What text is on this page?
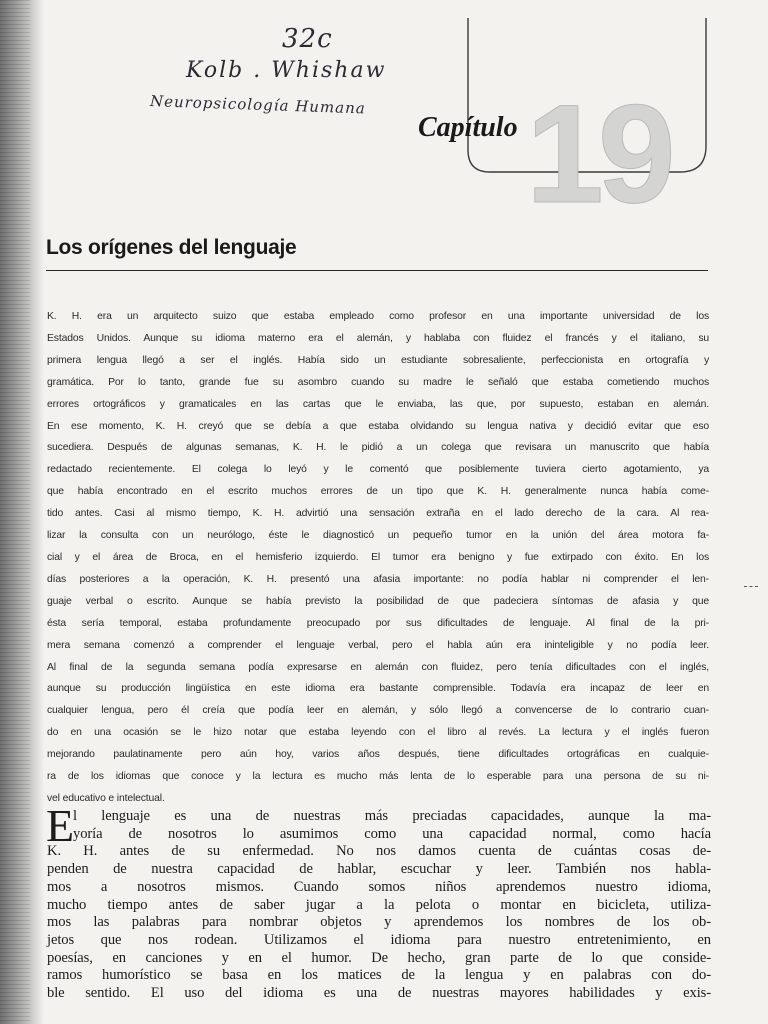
32c
Kolb . Whishaw
Neuropsicología Humana
Capítulo 19
Los orígenes del lenguaje
K. H. era un arquitecto suizo que estaba empleado como profesor en una importante universidad de los
Estados Unidos. Aunque su idioma materno era el alemán, y hablaba con fluidez el francés y el italiano, su
primera lengua llegó a ser el inglés. Había sido un estudiante sobresaliente, perfeccionista en ortografía y
gramática. Por lo tanto, grande fue su asombro cuando su madre le señaló que estaba cometiendo muchos
errores ortográficos y gramaticales en las cartas que le enviaba, las que, por supuesto, estaban en alemán.
En ese momento, K. H. creyó que se debía a que estaba olvidando su lengua nativa y decidió evitar que eso
sucediera. Después de algunas semanas, K. H. le pidió a un colega que revisara un manuscrito que había
redactado recientemente. El colega lo leyó y le comentó que posiblemente tuviera cierto agotamiento, ya
que había encontrado en el escrito muchos errores de un tipo que K. H. generalmente nunca había come-
tido antes. Casi al mismo tiempo, K. H. advirtió una sensación extraña en el lado derecho de la cara. Al rea-
lizar la consulta con un neurólogo, éste le diagnosticó un pequeño tumor en la unión del área motora fa-
cial y el área de Broca, en el hemisferio izquierdo. El tumor era benigno y fue extirpado con éxito. En los
días posteriores a la operación, K. H. presentó una afasia importante: no podía hablar ni comprender el len-
guaje verbal o escrito. Aunque se había previsto la posibilidad de que padeciera síntomas de afasia y que
ésta sería temporal, estaba profundamente preocupado por sus dificultades de lenguaje. Al final de la pri-
mera semana comenzó a comprender el lenguaje verbal, pero el habla aún era ininteligible y no podía leer.
Al final de la segunda semana podía expresarse en alemán con fluidez, pero tenía dificultades con el inglés,
aunque su producción lingüística en este idioma era bastante comprensible. Todavía era incapaz de leer en
cualquier lengua, pero él creía que podía leer en alemán, y sólo llegó a convencerse de lo contrario cuan-
do en una ocasión se le hizo notar que estaba leyendo con el libro al revés. La lectura y el inglés fueron
mejorando paulatinamente pero aún hoy, varios años después, tiene dificultades ortográficas en cualquie-
ra de los idiomas que conoce y la lectura es mucho más lenta de lo esperable para una persona de su ni-
vel educativo e intelectual.
E
l lenguaje es una de nuestras más preciadas capacidades, aunque la ma-
yoría de nosotros lo asumimos como una capacidad normal, como hacía
K. H. antes de su enfermedad. No nos damos cuenta de cuántas cosas de-
penden de nuestra capacidad de hablar, escuchar y leer. También nos habla-
mos a nosotros mismos. Cuando somos niños aprendemos nuestro idioma,
mucho tiempo antes de saber jugar a la pelota o montar en bicicleta, utiliza-
mos las palabras para nombrar objetos y aprendemos los nombres de los ob-
jetos que nos rodean. Utilizamos el idioma para nuestro entretenimiento, en
poesías, en canciones y en el humor. De hecho, gran parte de lo que conside-
ramos humorístico se basa en los matices de la lengua y en palabras con do-
ble sentido. El uso del idioma es una de nuestras mayores habilidades y exis-
